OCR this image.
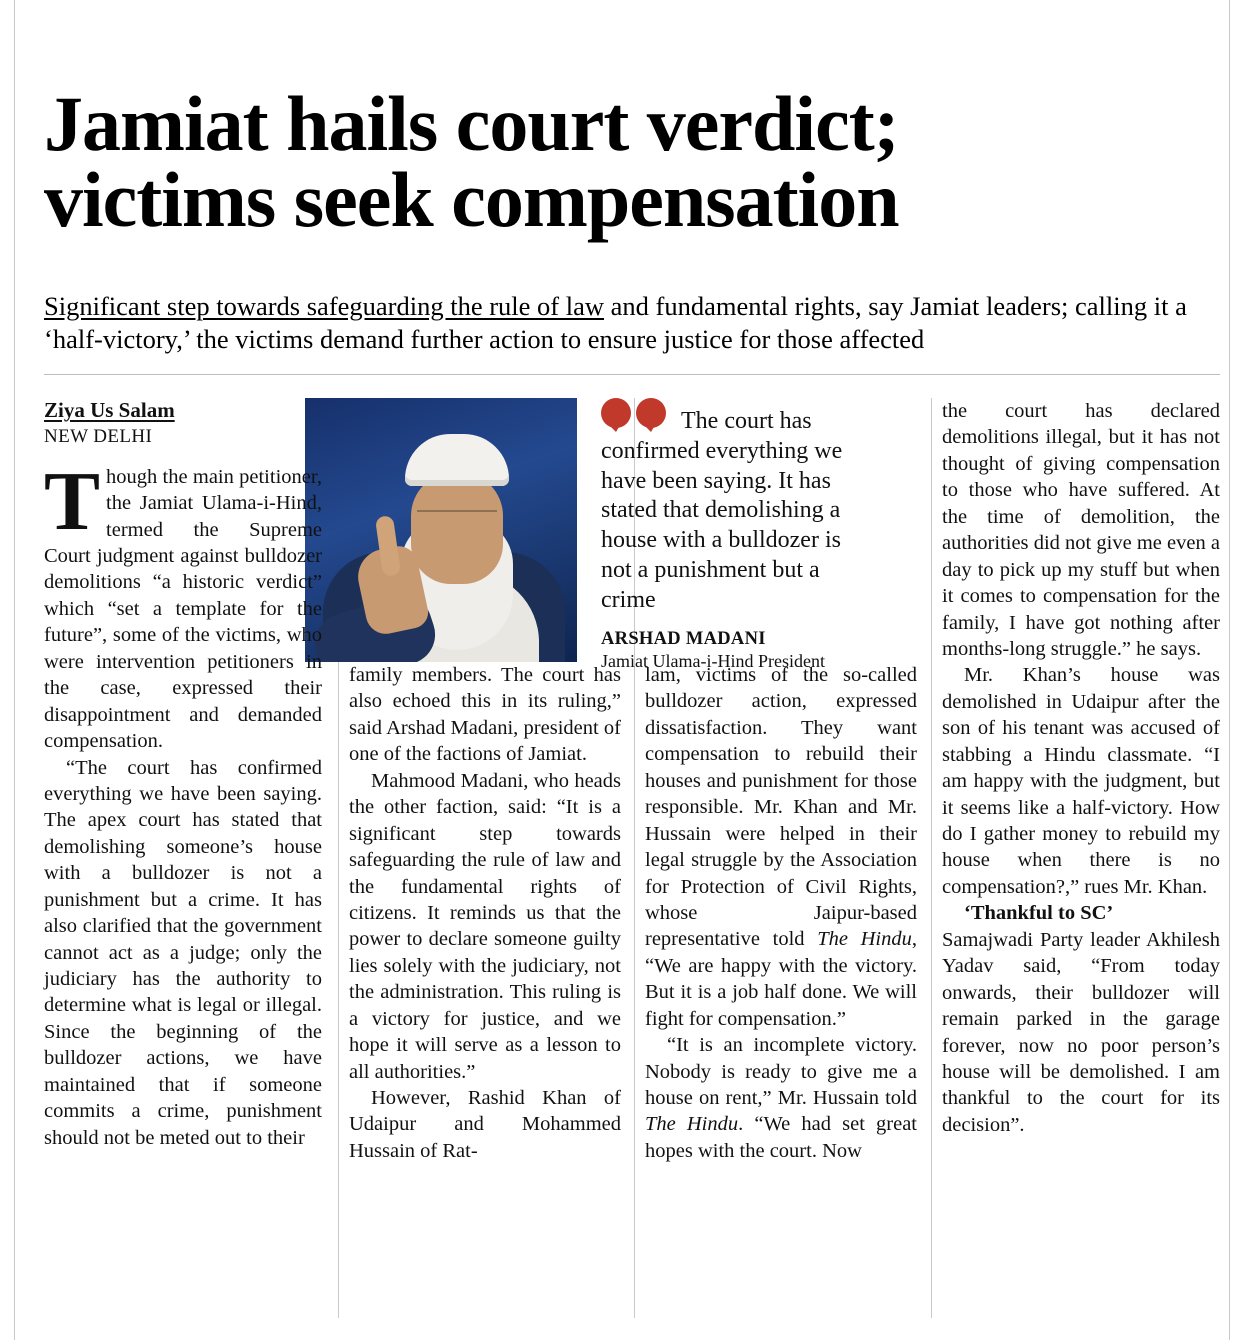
Jamiat hails court verdict;
victims seek compensation
Significant step towards safeguarding the rule of law and fundamental rights, say Jamiat leaders; calling it a ‘half-victory,’ the victims demand further action to ensure justice for those affected
The court has confirmed everything we have been saying. It has stated that demolishing a house with a bulldozer is not a punishment but a crime
ARSHAD MADANI
Jamiat Ulama-i-Hind President
Ziya Us Salam
NEW DELHI

Though the main petitioner, the Jamiat Ulama-i-Hind, termed the Supreme Court judgment against bulldozer demolitions “a historic verdict” which “set a template for the future”, some of the victims, who were intervention petitioners in the case, expressed their disappointment and demanded compensation.

“The court has confirmed everything we have been saying. The apex court has stated that demolishing someone’s house with a bulldozer is not a punishment but a crime. It has also clarified that the government cannot act as a judge; only the judiciary has the authority to determine what is legal or illegal. Since the beginning of the bulldozer actions, we have maintained that if someone commits a crime, punishment should not be meted out to their

family members. The court has also echoed this in its ruling,” said Arshad Madani, president of one of the factions of Jamiat.

Mahmood Madani, who heads the other faction, said: “It is a significant step towards safeguarding the rule of law and the fundamental rights of citizens. It reminds us that the power to declare someone guilty lies solely with the judiciary, not the administration. This ruling is a victory for justice, and we hope it will serve as a lesson to all authorities.”

However, Rashid Khan of Udaipur and Mohammed Hussain of Rat-

lam, victims of the so-called bulldozer action, expressed dissatisfaction. They want compensation to rebuild their houses and punishment for those responsible. Mr. Khan and Mr. Hussain were helped in their legal struggle by the Association for Protection of Civil Rights, whose Jaipur-based representative told The Hindu, “We are happy with the victory. But it is a job half done. We will fight for compensation.”

“It is an incomplete victory. Nobody is ready to give me a house on rent,” Mr. Hussain told The Hindu. “We had set great hopes with the court. Now

the court has declared demolitions illegal, but it has not thought of giving compensation to those who have suffered. At the time of demolition, the authorities did not give me even a day to pick up my stuff but when it comes to compensation for the family, I have got nothing after months-long struggle.” he says.

Mr. Khan’s house was demolished in Udaipur after the son of his tenant was accused of stabbing a Hindu classmate. “I am happy with the judgment, but it seems like a half-victory. How do I gather money to rebuild my house when there is no compensation?,” rues Mr. Khan.

‘Thankful to SC’

Samajwadi Party leader Akhilesh Yadav said, “From today onwards, their bulldozer will remain parked in the garage forever, now no poor person’s house will be demolished. I am thankful to the court for its decision”.
